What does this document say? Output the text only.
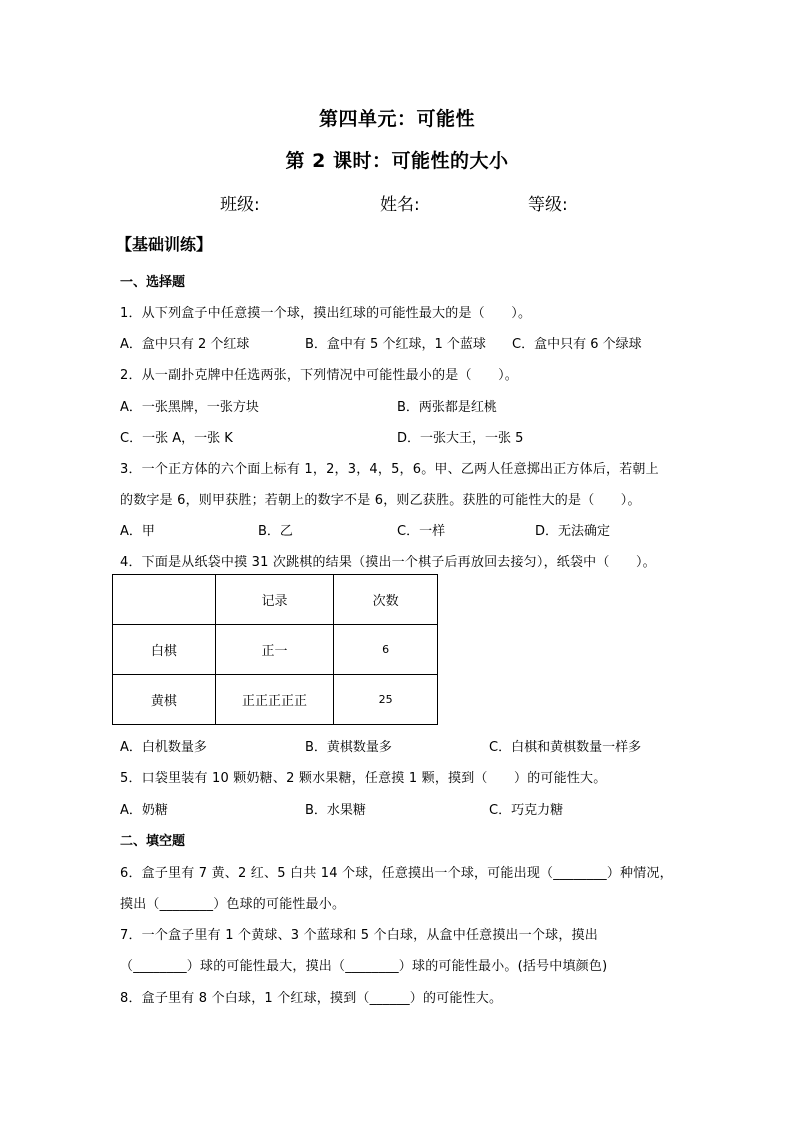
第四单元：可能性
第 2 课时：可能性的大小
班级:	姓名:	等级:
【基础训练】
一、选择题
1．从下列盒子中任意摸一个球，摸出红球的可能性最大的是（　　）。
A．盒中只有 2 个红球	B．盒中有 5 个红球，1 个蓝球 C．盒中只有 6 个绿球
2．从一副扑克牌中任选两张，下列情况中可能性最小的是（　　）。
A．一张黑牌，一张方块	B．两张都是红桃
C．一张 A，一张 K	D．一张大王，一张 5
3．一个正方体的六个面上标有 1，2，3，4，5，6。甲、乙两人任意掷出正方体后，若朝上
的数字是 6，则甲获胜；若朝上的数字不是 6，则乙获胜。获胜的可能性大的是（　　）。
A．甲	B．乙	C．一样	D．无法确定
4．下面是从纸袋中摸 31 次跳棋的结果（摸出一个棋子后再放回去接匀），纸袋中（　　）。
	记录	次数
白棋	正一	6
黄棋	正正正正正	25
A．白机数量多	B．黄棋数量多	C．白棋和黄棋数量一样多
5．口袋里装有 10 颗奶糖、2 颗水果糖，任意摸 1 颗，摸到（　　）的可能性大。
A．奶糖	B．水果糖	C．巧克力糖
二、填空题
6．盒子里有 7 黄、2 红、5 白共 14 个球，任意摸出一个球，可能出现（________）种情况，
摸出（________）色球的可能性最小。
7．一个盒子里有 1 个黄球、3 个蓝球和 5 个白球，从盒中任意摸出一个球，摸出
（________）球的可能性最大，摸出（________）球的可能性最小。(括号中填颜色)
8．盒子里有 8 个白球，1 个红球，摸到（______）的可能性大。
